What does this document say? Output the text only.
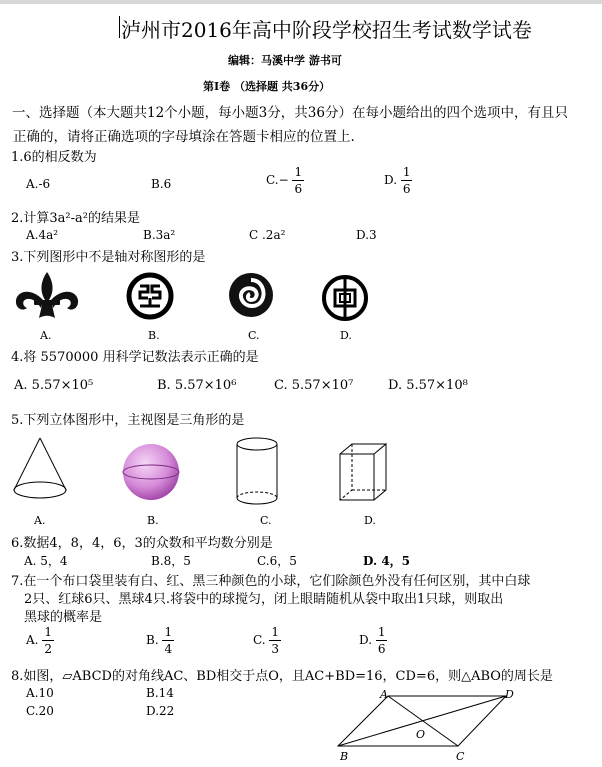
泸州市2016年高中阶段学校招生考试数学试卷
编辑：马溪中学 游书可
第Ⅰ卷 （选择题 共36分）
一、选择题（本大题共12个小题，每小题3分，共36分）在每小题给出的四个选项中，有且只
正确的，请将正确选项的字母填涂在答题卡相应的位置上.
1.6的相反数为
A.-6	B.6	$C.- \frac{1}{6}$	D. $\frac{1}{6}$
2.计算3a²-a²的结果是
A.4a²	B.3a²	C .2a²	D.3
3.下列图形中不是轴对称图形的是
A.	B.	C.	D.
4.将 5570000 用科学记数法表示正确的是
A. 5.57×10⁵	B. 5.57×10⁶	C. 5.57×10⁷	D. 5.57×10⁸
5.下列立体图形中，主视图是三角形的是
A.	B.	C.	D.
6.数据4，8，4，6，3的众数和平均数分别是
A. 5，4	B.8，5	C.6，5	D. 4，5
7.在一个布口袋里装有白、红、黑三种颜色的小球，它们除颜色外没有任何区别，其中白球
2只、红球6只、黑球4只.将袋中的球搅匀，闭上眼睛随机从袋中取出1只球，则取出
黑球的概率是
A. $\frac{1}{2}$	B. $\frac{1}{4}$	C. $\frac{1}{3}$	D. $\frac{1}{6}$
8.如图，▱ABCD的对角线AC、BD相交于点O，且AC+BD=16，CD=6，则△ABO的周长是
A.10	B.14
C.20	D.22
A	D
O
B	C
